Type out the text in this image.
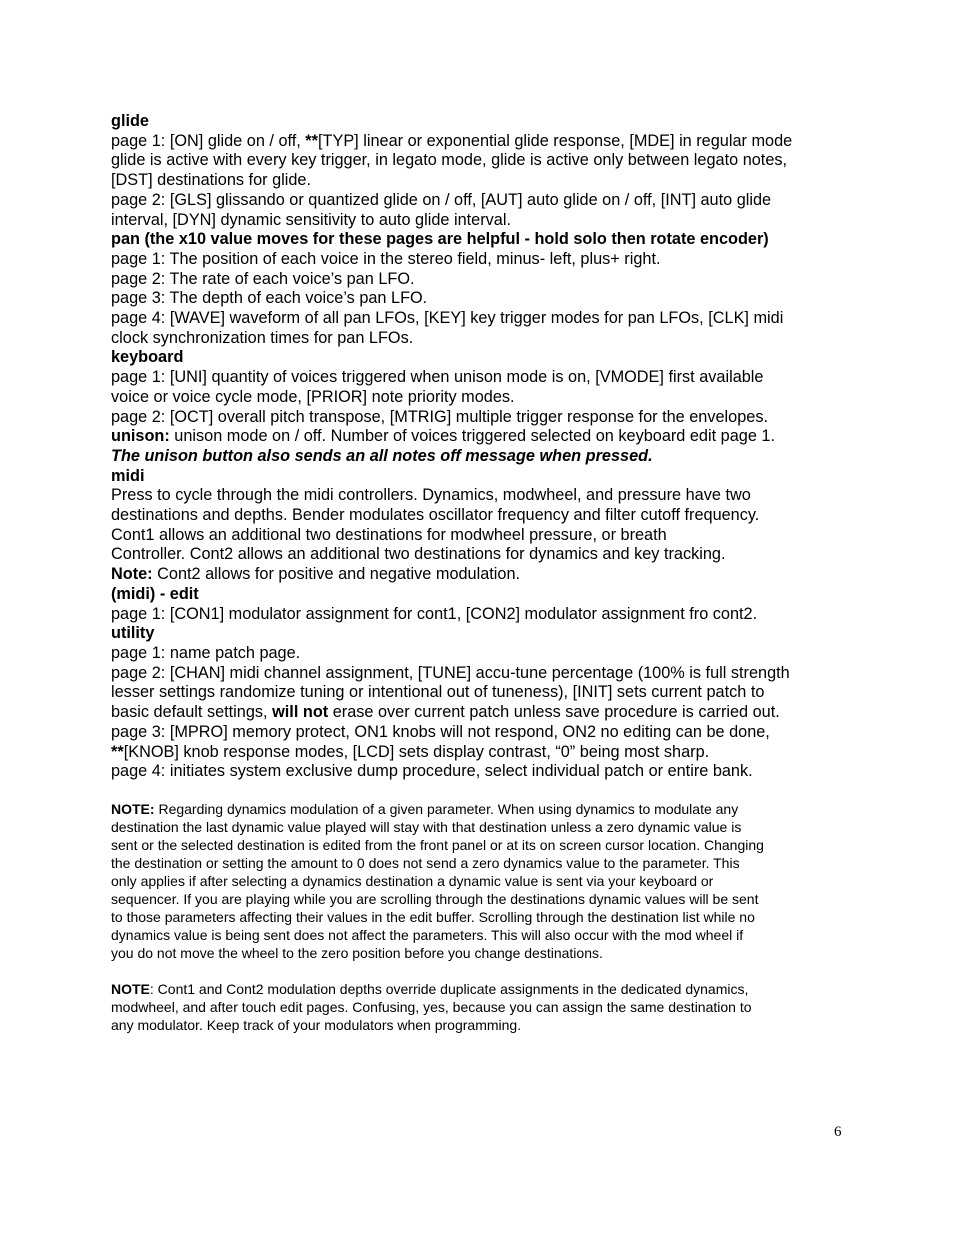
glide
page 1: [ON] glide on / off, **[TYP] linear or exponential glide response, [MDE] in regular mode
glide is active with every key trigger, in legato mode, glide is active only between legato notes,
[DST] destinations for glide.
page 2: [GLS] glissando or quantized glide on / off, [AUT] auto glide on / off, [INT] auto glide
interval, [DYN] dynamic sensitivity to auto glide interval.
pan (the x10 value moves for these pages are helpful - hold solo then rotate encoder)
page 1: The position of each voice in the stereo field, minus- left, plus+ right.
page 2: The rate of each voice’s pan LFO.
page 3: The depth of each voice’s pan LFO.
page 4: [WAVE] waveform of all pan LFOs, [KEY] key trigger modes for pan LFOs, [CLK] midi
clock synchronization times for pan LFOs.
keyboard
page 1: [UNI] quantity of voices triggered when unison mode is on, [VMODE] first available
voice or voice cycle mode, [PRIOR] note priority modes.
page 2: [OCT] overall pitch transpose, [MTRIG] multiple trigger response for the envelopes.
unison: unison mode on / off. Number of voices triggered selected on keyboard edit page 1.
The unison button also sends an all notes off message when pressed.
midi
Press to cycle through the midi controllers. Dynamics, modwheel, and pressure have two
destinations and depths. Bender modulates oscillator frequency and filter cutoff frequency.
Cont1 allows an additional two destinations for modwheel pressure, or breath
Controller. Cont2 allows an additional two destinations for dynamics and key tracking.
Note: Cont2 allows for positive and negative modulation.
(midi) - edit
page 1: [CON1] modulator assignment for cont1, [CON2] modulator assignment fro cont2.
utility
page 1: name patch page.
page 2: [CHAN] midi channel assignment, [TUNE] accu-tune percentage (100% is full strength
lesser settings randomize tuning or intentional out of tuneness), [INIT] sets current patch to
basic default settings, will not erase over current patch unless save procedure is carried out.
page 3: [MPRO] memory protect, ON1 knobs will not respond, ON2 no editing can be done,
**[KNOB] knob response modes, [LCD] sets display contrast, “0” being most sharp.
page 4: initiates system exclusive dump procedure, select individual patch or entire bank.
NOTE: Regarding dynamics modulation of a given parameter. When using dynamics to modulate any
destination the last dynamic value played will stay with that destination unless a zero dynamic value is
sent or the selected destination is edited from the front panel or at its on screen cursor location. Changing
the destination or setting the amount to 0 does not send a zero dynamics value to the parameter. This
only applies if after selecting a dynamics destination a dynamic value is sent via your keyboard or
sequencer. If you are playing while you are scrolling through the destinations dynamic values will be sent
to those parameters affecting their values in the edit buffer. Scrolling through the destination list while no
dynamics value is being sent does not affect the parameters. This will also occur with the mod wheel if
you do not move the wheel to the zero position before you change destinations.
NOTE: Cont1 and Cont2 modulation depths override duplicate assignments in the dedicated dynamics,
modwheel, and after touch edit pages. Confusing, yes, because you can assign the same destination to
any modulator. Keep track of your modulators when programming.
6
